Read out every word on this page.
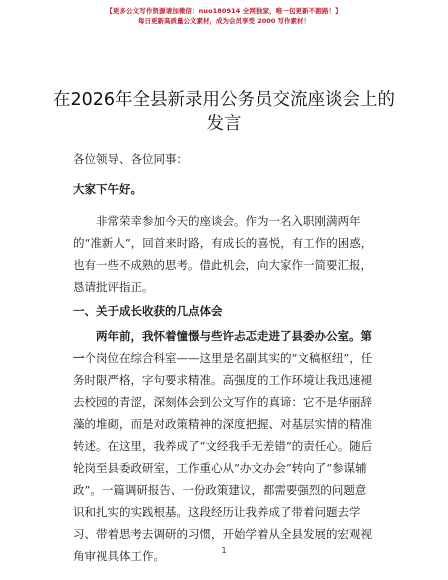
【更多公文写作资源请加微信：nuo180914 全网独家，唯一包更新不跑路！】
每日更新高质量公文素材，成为会员享受 2000 写作素材！
在2026年全县新录用公务员交流座谈会上的发言

各位领导、各位同事：

大家下午好。

非常荣幸参加今天的座谈会。作为一名入职刚满两年的“准新人”，回首来时路，有成长的喜悦，有工作的困惑，也有一些不成熟的思考。借此机会，向大家作一简要汇报，恳请批评指正。

一、关于成长收获的几点体会

两年前，我怀着憧憬与些许忐忑走进了县委办公室。第一个岗位在综合科室——这里是名副其实的“文稿枢纽”，任务时限严格，字句要求精准。高强度的工作环境让我迅速褪去校园的青涩，深刻体会到公文写作的真谛：它不是华丽辞藻的堆砌，而是对政策精神的深度把握、对基层实情的精准转述。在这里，我养成了“文经我手无差错”的责任心。随后轮岗至县委政研室，工作重心从“办文办会”转向了“参谋辅政”。一篇调研报告、一份政策建议，都需要强烈的问题意识和扎实的实践根基。这段经历让我养成了带着问题去学习、带着思考去调研的习惯，开始学着从全县发展的宏观视角审视具体工作。	1
